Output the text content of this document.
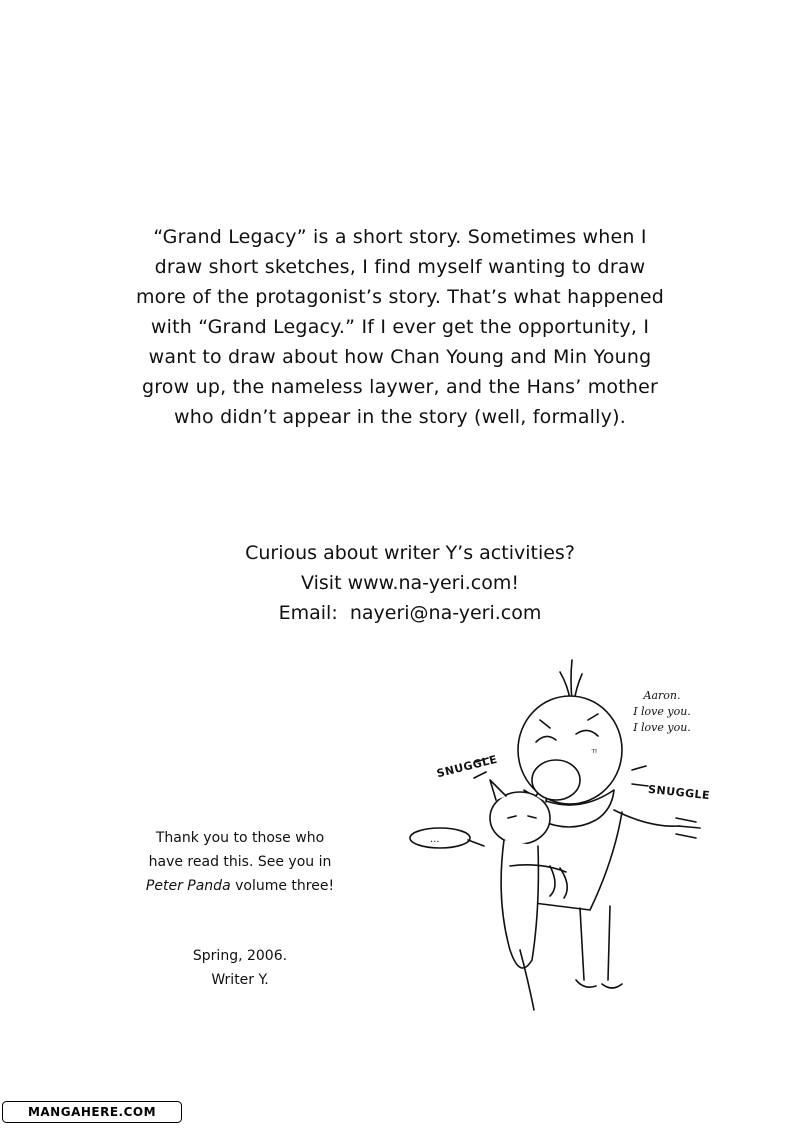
“Grand Legacy” is a short story. Sometimes when I
draw short sketches, I find myself wanting to draw
more of the protagonist’s story. That’s what happened
with “Grand Legacy.” If I ever get the opportunity, I
want to draw about how Chan Young and Min Young
grow up, the nameless laywer, and the Hans’ mother
who didn’t appear in the story (well, formally).
Curious about writer Y’s activities?
Visit www.na-yeri.com!
Email: nayeri@na-yeri.com
Thank you to those who
have read this. See you in
Peter Panda volume three!
Spring, 2006.
Writer Y.
ㄲ
...
Aaron.
I love you.
I love you.
SNUGGLE
SNUGGLE
MANGAHERE.COM
